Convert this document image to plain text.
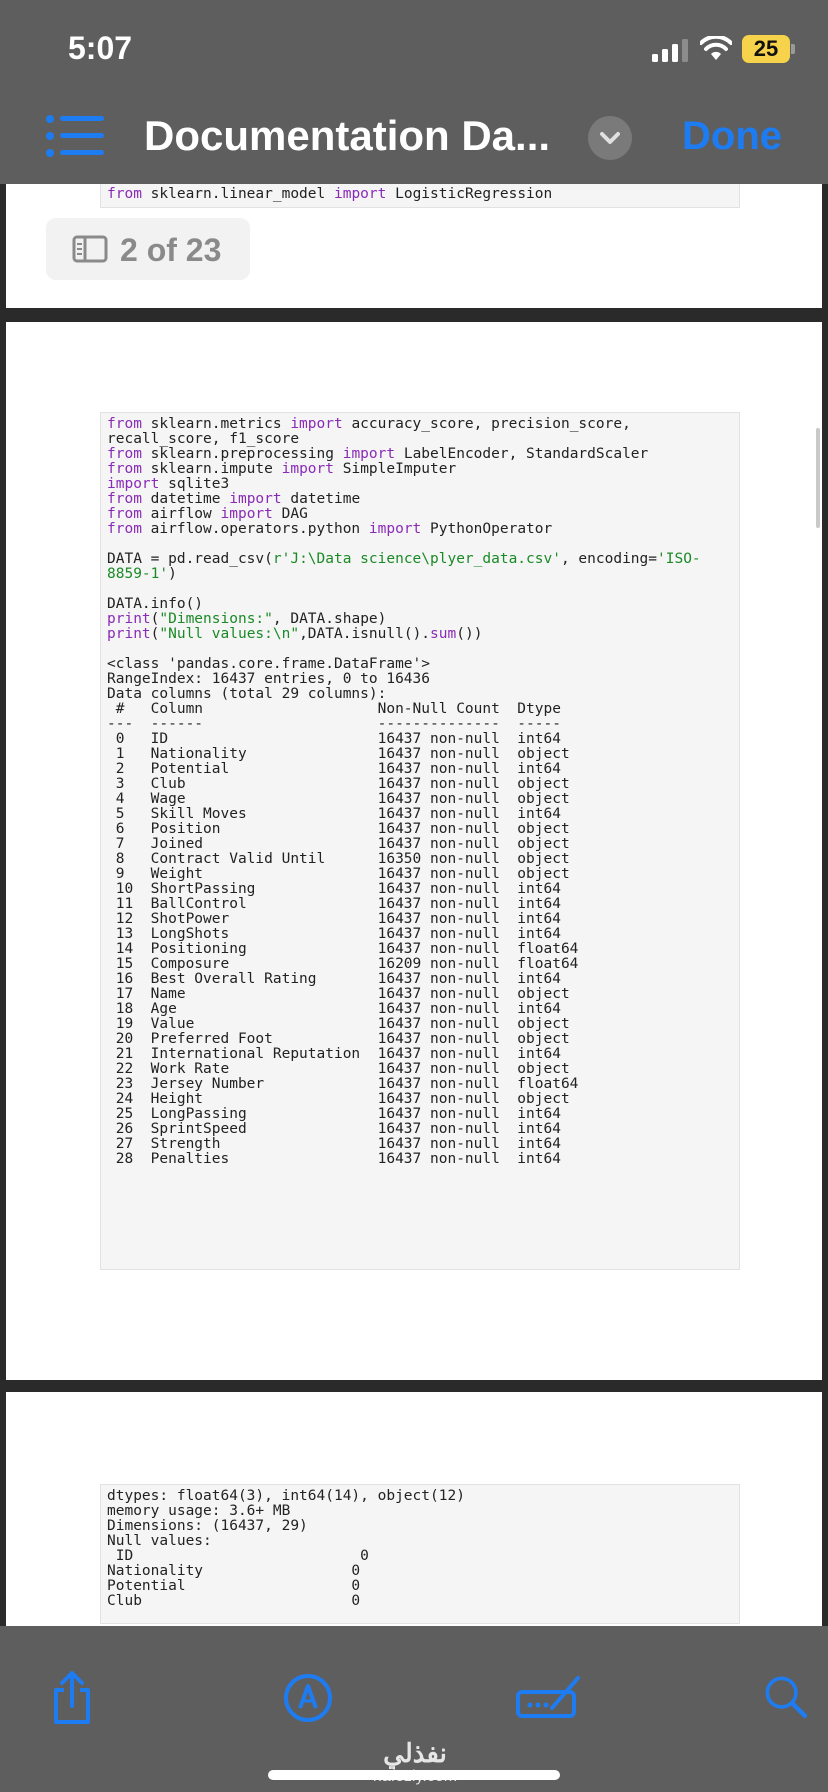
5:07	25
Documentation Da...	Done
from sklearn.linear_model import LogisticRegression
2 of 23
from sklearn.metrics import accuracy_score, precision_score,
recall_score, f1_score
from sklearn.preprocessing import LabelEncoder, StandardScaler
from sklearn.impute import SimpleImputer
import sqlite3
from datetime import datetime
from airflow import DAG
from airflow.operators.python import PythonOperator
DATA = pd.read_csv(r'J:\Data science\plyer_data.csv', encoding='ISO-
8859-1')
DATA.info()
print("Dimensions:", DATA.shape)
print("Null values:\n",DATA.isnull().sum())
<class 'pandas.core.frame.DataFrame'>
RangeIndex: 16437 entries, 0 to 16436
Data columns (total 29 columns):
#   Column                    Non-Null Count  Dtype
---  ------                    --------------  -----
0   ID                        16437 non-null  int64
1   Nationality               16437 non-null  object
2   Potential                 16437 non-null  int64
3   Club                      16437 non-null  object
4   Wage                      16437 non-null  object
5   Skill Moves               16437 non-null  int64
6   Position                  16437 non-null  object
7   Joined                    16437 non-null  object
8   Contract Valid Until      16350 non-null  object
9   Weight                    16437 non-null  object
10  ShortPassing              16437 non-null  int64
11  BallControl               16437 non-null  int64
12  ShotPower                 16437 non-null  int64
13  LongShots                 16437 non-null  int64
14  Positioning               16437 non-null  float64
15  Composure                 16209 non-null  float64
16  Best Overall Rating       16437 non-null  int64
17  Name                      16437 non-null  object
18  Age                       16437 non-null  int64
19  Value                     16437 non-null  object
20  Preferred Foot            16437 non-null  object
21  International Reputation  16437 non-null  int64
22  Work Rate                 16437 non-null  object
23  Jersey Number             16437 non-null  float64
24  Height                    16437 non-null  object
25  LongPassing               16437 non-null  int64
26  SprintSpeed               16437 non-null  int64
27  Strength                  16437 non-null  int64
28  Penalties                 16437 non-null  int64
dtypes: float64(3), int64(14), object(12)
memory usage: 3.6+ MB
Dimensions: (16437, 29)
Null values:
ID                          0
Nationality                 0
Potential                   0
Club                        0
نفذلي
